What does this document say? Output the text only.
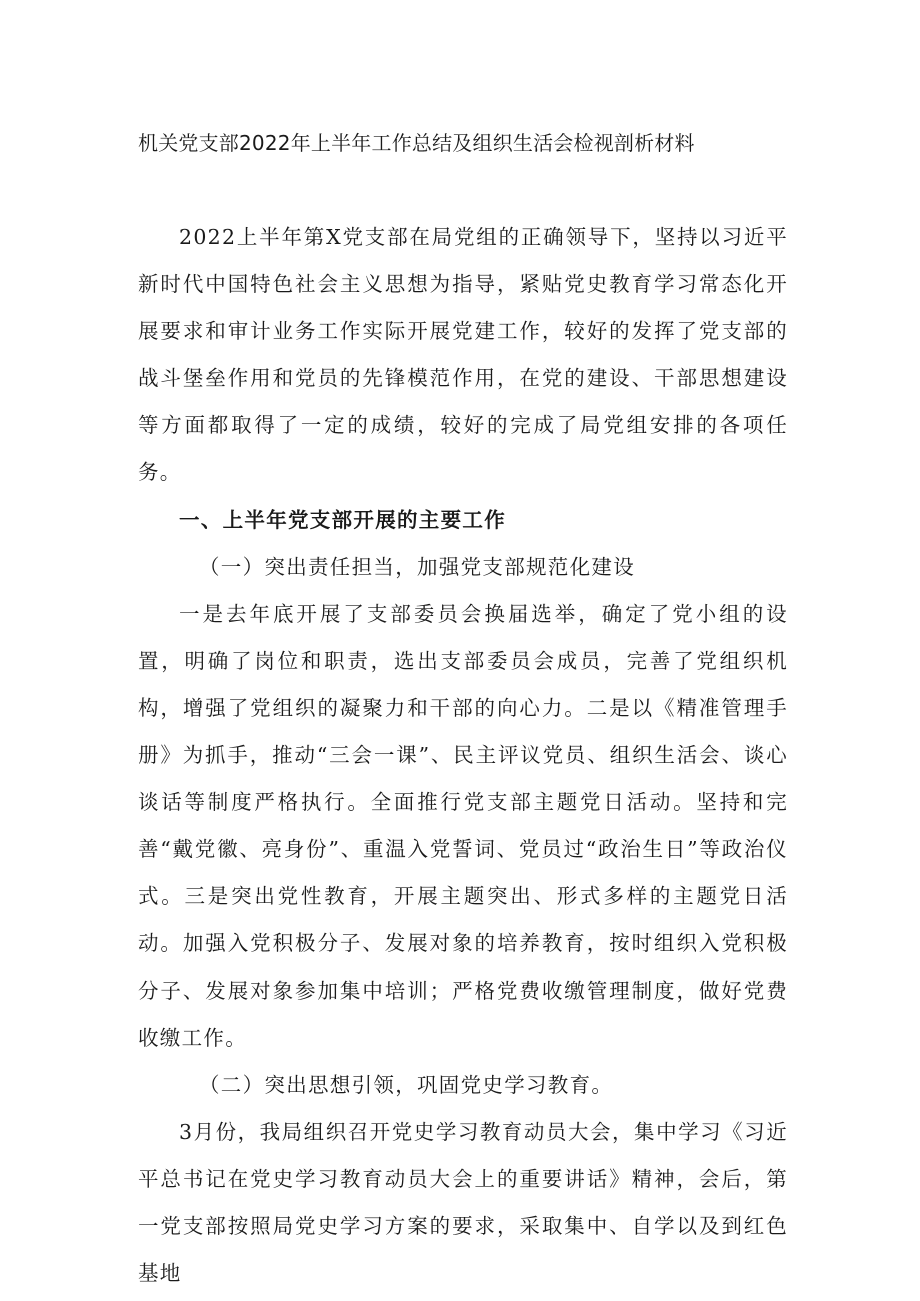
机关党支部2022年上半年工作总结及组织生活会检视剖析材料

2022上半年第X党支部在局党组的正确领导下，坚持以习近平新时代中国特色社会主义思想为指导，紧贴党史教育学习常态化开展要求和审计业务工作实际开展党建工作，较好的发挥了党支部的战斗堡垒作用和党员的先锋模范作用，在党的建设、干部思想建设等方面都取得了一定的成绩，较好的完成了局党组安排的各项任务。

一、上半年党支部开展的主要工作
（一）突出责任担当，加强党支部规范化建设

一是去年底开展了支部委员会换届选举，确定了党小组的设置，明确了岗位和职责，选出支部委员会成员，完善了党组织机构，增强了党组织的凝聚力和干部的向心力。二是以《精准管理手册》为抓手，推动“三会一课”、民主评议党员、组织生活会、谈心谈话等制度严格执行。全面推行党支部主题党日活动。坚持和完善“戴党徽、亮身份”、重温入党誓词、党员过“政治生日”等政治仪式。三是突出党性教育，开展主题突出、形式多样的主题党日活动。加强入党积极分子、发展对象的培养教育，按时组织入党积极分子、发展对象参加集中培训；严格党费收缴管理制度，做好党费收缴工作。

（二）突出思想引领，巩固党史学习教育。

3月份，我局组织召开党史学习教育动员大会，集中学习《习近平总书记在党史学习教育动员大会上的重要讲话》精神，会后，第一党支部按照局党史学习方案的要求，采取集中、自学以及到红色基地
